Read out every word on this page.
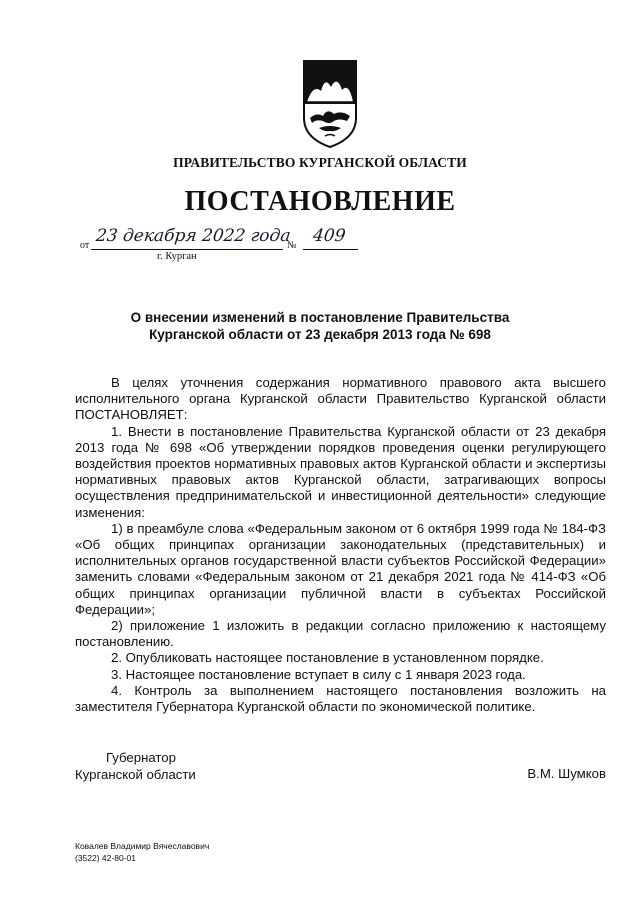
ПРАВИТЕЛЬСТВО КУРГАНСКОЙ ОБЛАСТИ
ПОСТАНОВЛЕНИЕ
от 23 декабря 2022 года
№ 409
г. Курган
О внесении изменений в постановление Правительства
Курганской области от 23 декабря 2013 года № 698

В целях уточнения содержания нормативного правового акта высшего исполнительного органа Курганской области Правительство Курганской области ПОСТАНОВЛЯЕТ:

1. Внести в постановление Правительства Курганской области от 23 декабря 2013 года № 698 «Об утверждении порядков проведения оценки регулирующего воздействия проектов нормативных правовых актов Курганской области и экспертизы нормативных правовых актов Курганской области, затрагивающих вопросы осуществления предпринимательской и инвестиционной деятельности» следующие изменения:

1) в преамбуле слова «Федеральным законом от 6 октября 1999 года № 184-ФЗ «Об общих принципах организации законодательных (представительных) и исполнительных органов государственной власти субъектов Российской Федерации» заменить словами «Федеральным законом от 21 декабря 2021 года № 414-ФЗ «Об общих принципах организации публичной власти в субъектах Российской Федерации»;

2) приложение 1 изложить в редакции согласно приложению к настоящему постановлению.

2. Опубликовать настоящее постановление в установленном порядке.

3. Настоящее постановление вступает в силу с 1 января 2023 года.

4. Контроль за выполнением настоящего постановления возложить на заместителя Губернатора Курганской области по экономической политике.

Губернатор
Курганской области	В.М. Шумков
Ковалев Владимир Вячеславович
(3522) 42-80-01
